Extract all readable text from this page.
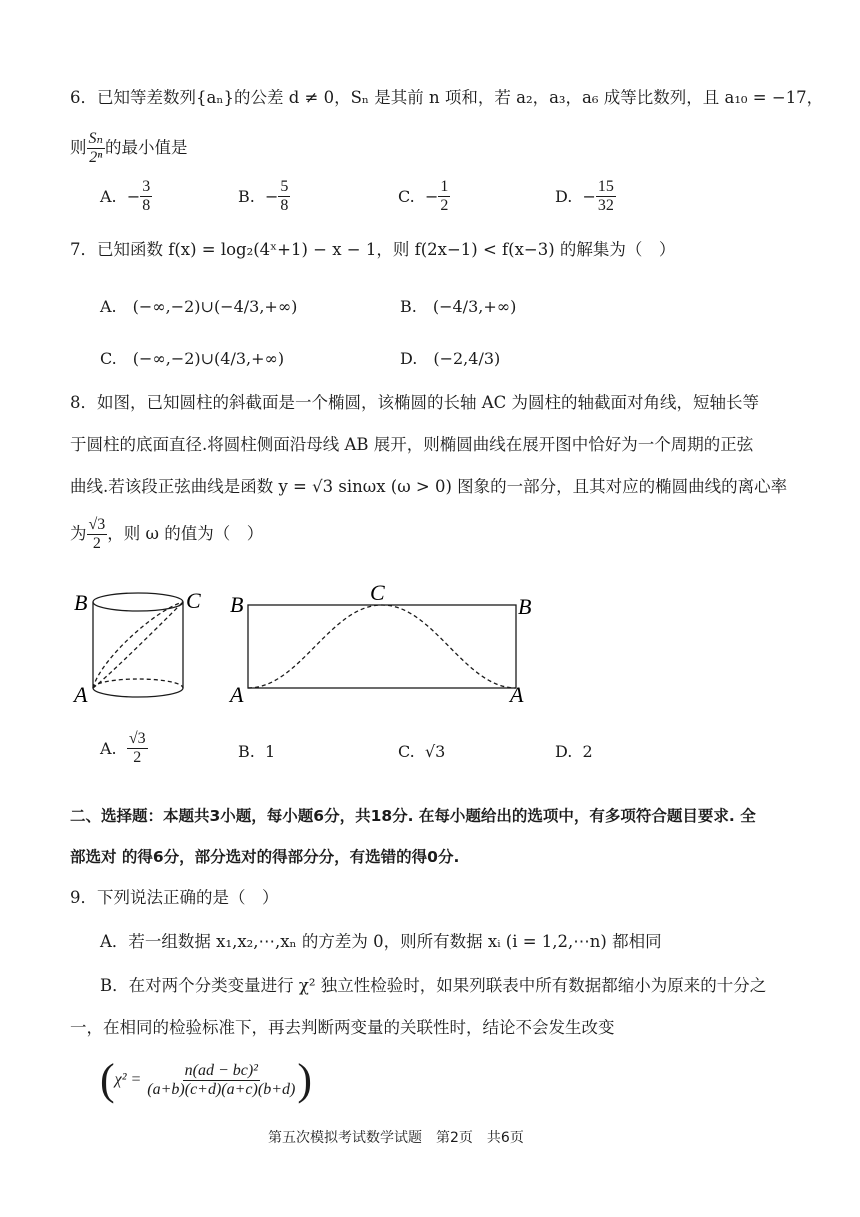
6．已知等差数列{aₙ}的公差 d ≠ 0，Sₙ 是其前 n 项和，若 a₂，a₃，a₆ 成等比数列，且 a₁₀ = −17，
则 $\frac{\text{Sₙ}}{\text{2ⁿ}}$ 的最小值是
A.
− $\frac{3}{8}$	B.
− $\frac{5}{8}$	C.
− $\frac{1}{2}$	D.
− $\frac{15}{32}$
7．已知函数 f(x) = log₂(4ˣ+1) − x − 1，则 f(2x−1) < f(x−3) 的解集为（　）
A.　(−∞,−2)∪(−4/3,+∞)	B.　(−4/3,+∞)
C.　(−∞,−2)∪(4/3,+∞)	D.　(−2,4/3)
8．如图，已知圆柱的斜截面是一个椭圆，该椭圆的长轴 AC 为圆柱的轴截面对角线，短轴长等
于圆柱的底面直径.将圆柱侧面沿母线 AB 展开，则椭圆曲线在展开图中恰好为一个周期的正弦
曲线.若该段正弦曲线是函数 y = √3 sinωx (ω > 0) 图象的一部分，且其对应的椭圆曲线的离心率
为 $\frac{√3}{2}$ ，则 ω 的值为（　）
B	C
A
B	C
B
A	A
A.
$\frac{√3}{2}$	B. 1	C. √3	D. 2
二、选择题：本题共3小题，每小题6分，共18分. 在每小题给出的选项中，有多项符合题目要求. 全
部选对 的得6分，部分选对的得部分分，有选错的得0分.
9．下列说法正确的是（　）
A．若一组数据 x₁,x₂,⋯,xₙ 的方差为 0，则所有数据 xᵢ (i = 1,2,⋯n) 都相同
B．在对两个分类变量进行 χ² 独立性检验时，如果列联表中所有数据都缩小为原来的十分之
一，在相同的检验标准下，再去判断两变量的关联性时，结论不会发生改变
( $\chi^2 = \frac{\text{n(ad − bc)²}}{(a+b)(c+d)(a+c)(b+d)}$ )
第五次模拟考试数学试题　第2页　共6页
